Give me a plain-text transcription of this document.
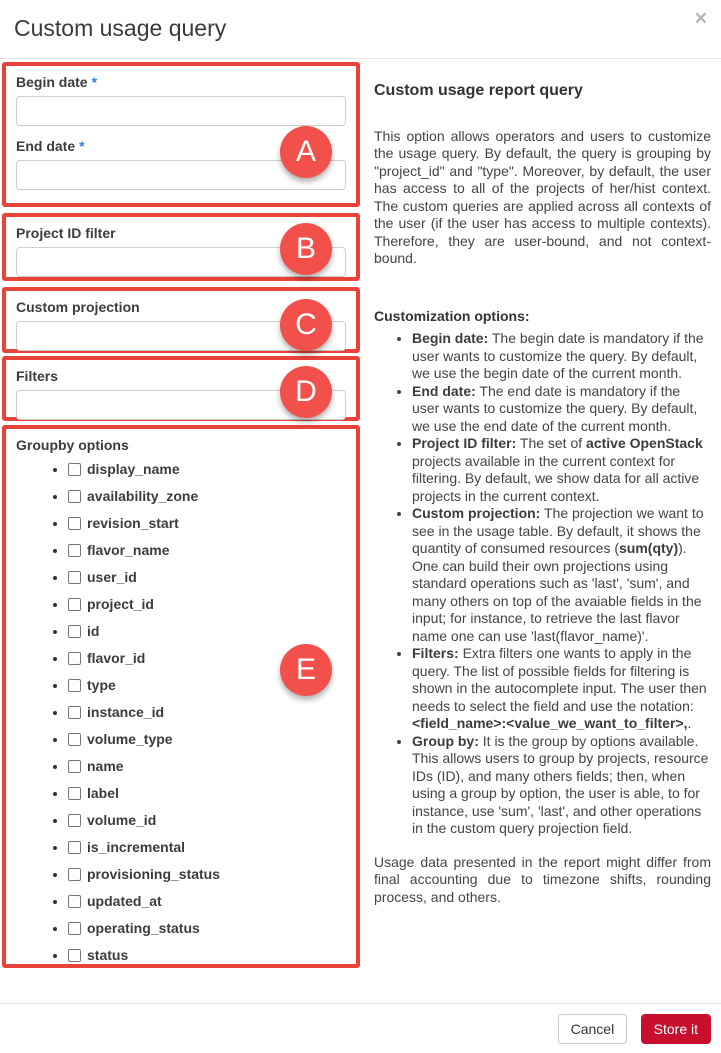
Custom usage query	×
Begin date *
End date *	A
Project ID filter	B
Custom projection
C
Filters	D
Groupby options
• display_name
• availability_zone
• revision_start
• flavor_name
• user_id
• project_id
• id
• flavor_id
• type
• instance_id
• volume_type
• name
• label
• volume_id
• is_incremental
• provisioning_status
• updated_at
• operating_status
• status
E
Custom usage report query

This option allows operators and users to customize the usage query. By default, the query is grouping by "project_id" and "type". Moreover, by default, the user has access to all of the projects of her/hist context. The custom queries are applied across all contexts of the user (if the user has access to multiple contexts). Therefore, they are user-bound, and not context-bound.

Customization options:

• Begin date: The begin date is mandatory if the user wants to customize the query. By default, we use the begin date of the current month.
• End date: The end date is mandatory if the user wants to customize the query. By default, we use the end date of the current month.
• Project ID filter: The set of active OpenStack projects available in the current context for filtering. By default, we show data for all active projects in the current context.
• Custom projection: The projection we want to see in the usage table. By default, it shows the quantity of consumed resources (sum(qty)). One can build their own projections using standard operations such as 'last', 'sum', and many others on top of the avaiable fields in the input; for instance, to retrieve the last flavor name one can use 'last(flavor_name)'.
• Filters: Extra filters one wants to apply in the query. The list of possible fields for filtering is shown in the autocomplete input. The user then needs to select the field and use the notation: <field_name>:<value_we_want_to_filter>,.
• Group by: It is the group by options available. This allows users to group by projects, resource IDs (ID), and many others fields; then, when using a group by option, the user is able, to for instance, use 'sum', 'last', and other operations in the custom query projection field.

Usage data presented in the report might differ from final accounting due to timezone shifts, rounding process, and others.

Cancel	Store it
